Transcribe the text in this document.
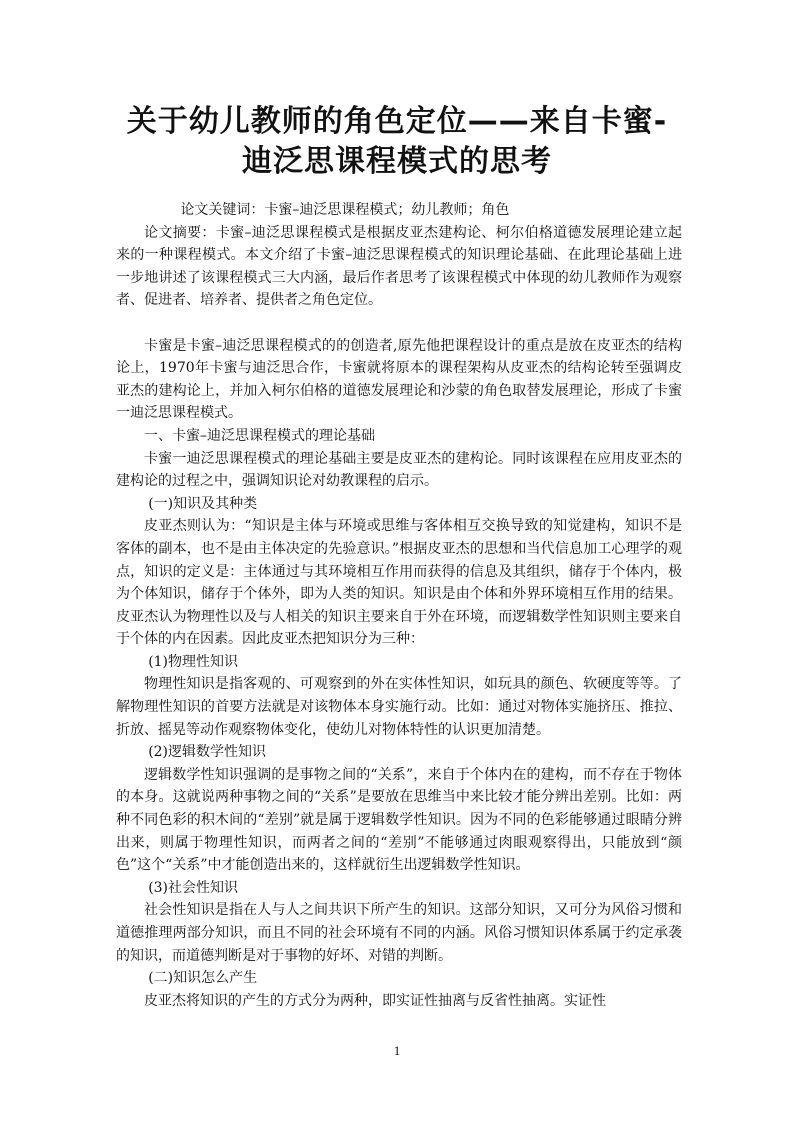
关于幼儿教师的角色定位——来自卡蜜-
迪泛思课程模式的思考

论文关键词：卡蜜–迪泛思课程模式；幼儿教师；角色

论文摘要：卡蜜–迪泛思课程模式是根据皮亚杰建构论、柯尔伯格道德发展理论建立起来的一种课程模式。本文介绍了卡蜜–迪泛思课程模式的知识理论基础、在此理论基础上进一步地讲述了该课程模式三大内涵，最后作者思考了该课程模式中体现的幼儿教师作为观察者、促进者、培养者、提供者之角色定位。

卡蜜是卡蜜–迪泛思课程模式的的创造者,原先他把课程设计的重点是放在皮亚杰的结构论上，1970年卡蜜与迪泛思合作，卡蜜就将原本的课程架构从皮亚杰的结构论转至强调皮亚杰的建构论上，并加入柯尔伯格的道德发展理论和沙蒙的角色取替发展理论，形成了卡蜜一迪泛思课程模式。

一、卡蜜–迪泛思课程模式的理论基础

卡蜜一迪泛思课程模式的理论基础主要是皮亚杰的建构论。同时该课程在应用皮亚杰的建构论的过程之中，强调知识论对幼教课程的启示。

(一)知识及其种类

皮亚杰则认为：“知识是主体与环境或思维与客体相互交换导致的知觉建构，知识不是客体的副本，也不是由主体决定的先验意识。”根据皮亚杰的思想和当代信息加工心理学的观点，知识的定义是：主体通过与其环境相互作用而获得的信息及其组织，储存于个体内，极为个体知识，储存于个体外，即为人类的知识。知识是由个体和外界环境相互作用的结果。皮亚杰认为物理性以及与人相关的知识主要来自于外在环境，而逻辑数学性知识则主要来自于个体的内在因素。因此皮亚杰把知识分为三种：

(1)物理性知识

物理性知识是指客观的、可观察到的外在实体性知识，如玩具的颜色、软硬度等等。了解物理性知识的首要方法就是对该物体本身实施行动。比如：通过对物体实施挤压、推拉、折放、摇晃等动作观察物体变化，使幼儿对物体特性的认识更加清楚。

(2)逻辑数学性知识

逻辑数学性知识强调的是事物之间的“关系”，来自于个体内在的建构，而不存在于物体的本身。这就说两种事物之间的“关系”是要放在思维当中来比较才能分辨出差别。比如：两种不同色彩的积木间的“差别”就是属于逻辑数学性知识。因为不同的色彩能够通过眼睛分辨出来，则属于物理性知识，而两者之间的“差别”不能够通过肉眼观察得出，只能放到“颜色”这个“关系”中才能创造出来的，这样就衍生出逻辑数学性知识。

(3)社会性知识

社会性知识是指在人与人之间共识下所产生的知识。这部分知识，又可分为风俗习惯和道德推理两部分知识，而且不同的社会环境有不同的内涵。风俗习惯知识体系属于约定承袭的知识，而道德判断是对于事物的好坏、对错的判断。

(二)知识怎么产生

皮亚杰将知识的产生的方式分为两种，即实证性抽离与反省性抽离。实证性

1
